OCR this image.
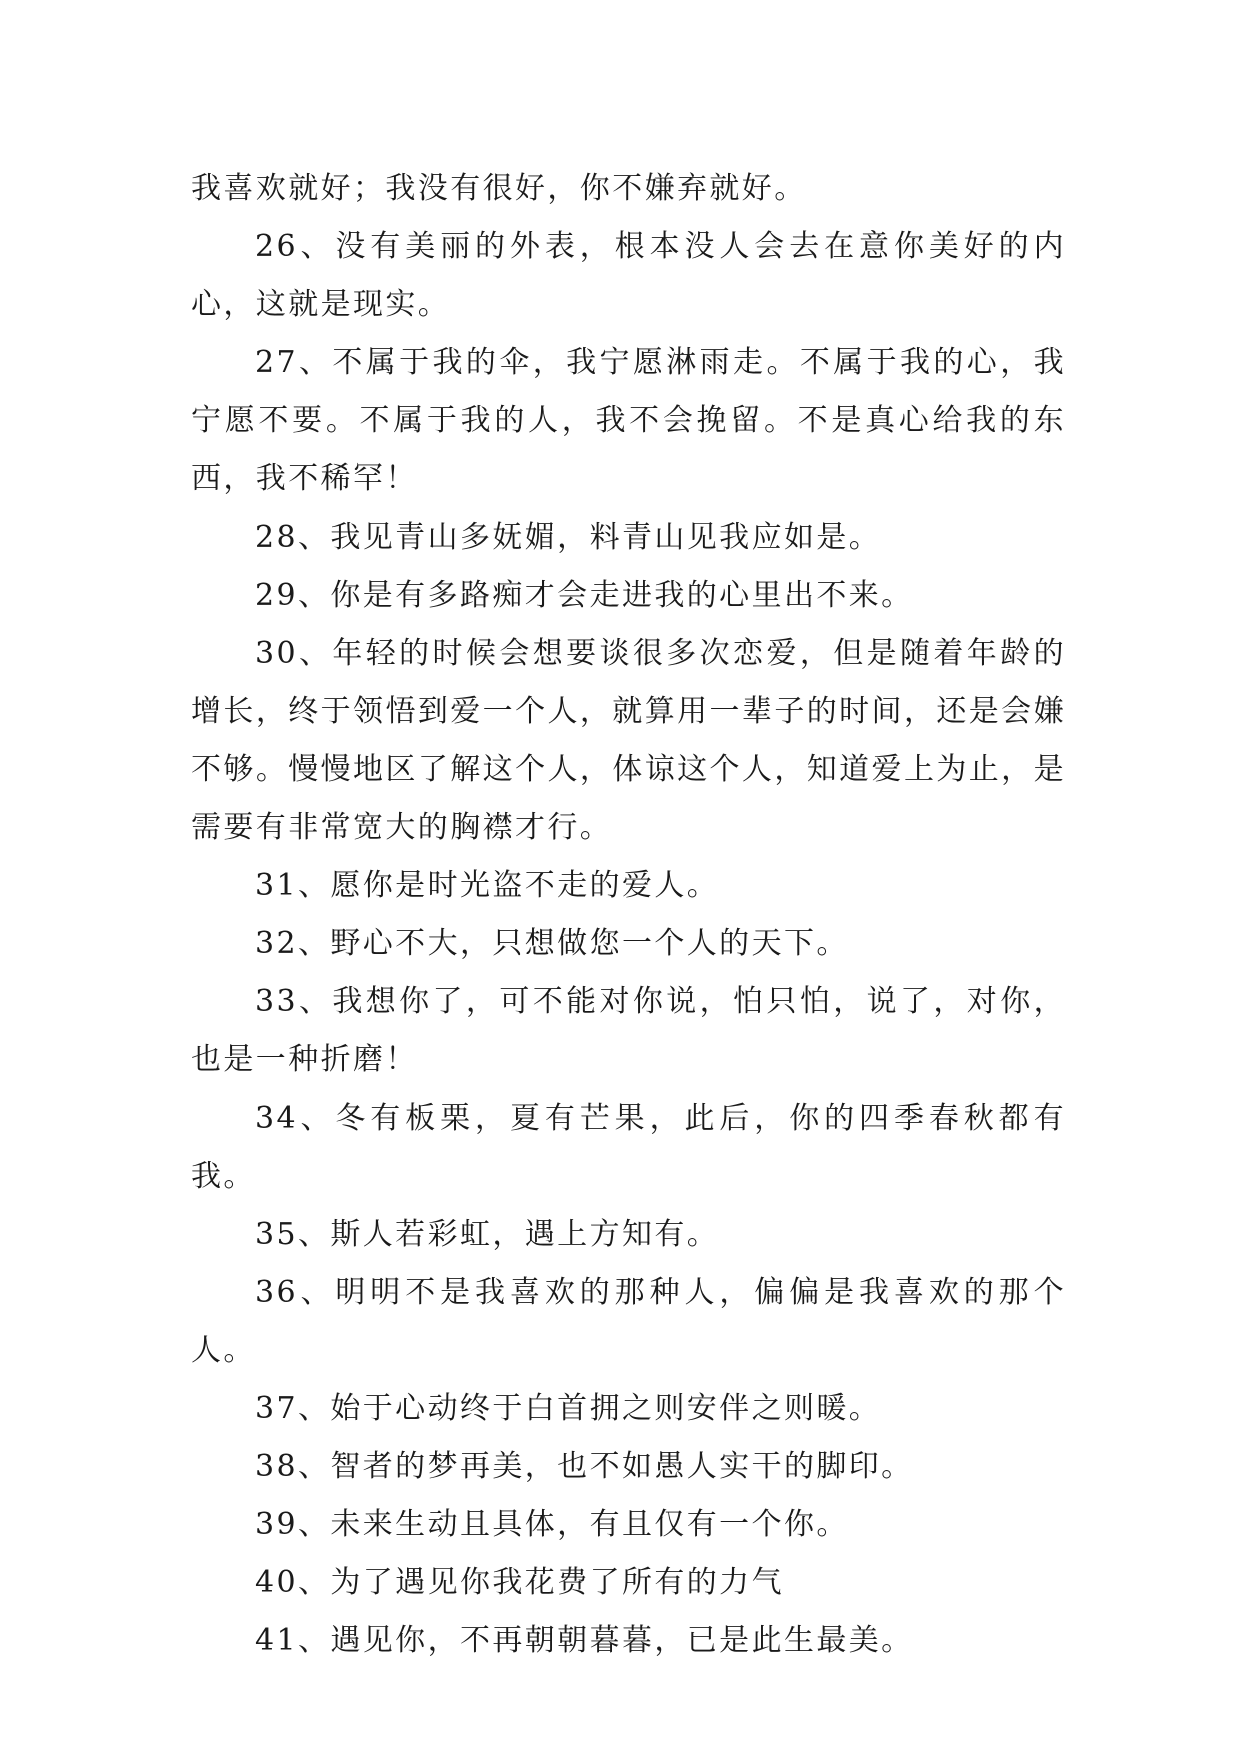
我喜欢就好；我没有很好，你不嫌弃就好。

26、没有美丽的外表，根本没人会去在意你美好的内心，这就是现实。

27、不属于我的伞，我宁愿淋雨走。不属于我的心，我宁愿不要。不属于我的人，我不会挽留。不是真心给我的东西，我不稀罕！

28、我见青山多妩媚，料青山见我应如是。

29、你是有多路痴才会走进我的心里出不来。

30、年轻的时候会想要谈很多次恋爱，但是随着年龄的增长，终于领悟到爱一个人，就算用一辈子的时间，还是会嫌不够。慢慢地区了解这个人，体谅这个人，知道爱上为止，是需要有非常宽大的胸襟才行。

31、愿你是时光盗不走的爱人。

32、野心不大，只想做您一个人的天下。

33、我想你了，可不能对你说，怕只怕，说了，对你，也是一种折磨！

34、冬有板栗，夏有芒果，此后，你的四季春秋都有我。

35、斯人若彩虹，遇上方知有。

36、明明不是我喜欢的那种人，偏偏是我喜欢的那个人。

37、始于心动终于白首拥之则安伴之则暖。

38、智者的梦再美，也不如愚人实干的脚印。

39、未来生动且具体，有且仅有一个你。

40、为了遇见你我花费了所有的力气

41、遇见你，不再朝朝暮暮，已是此生最美。
